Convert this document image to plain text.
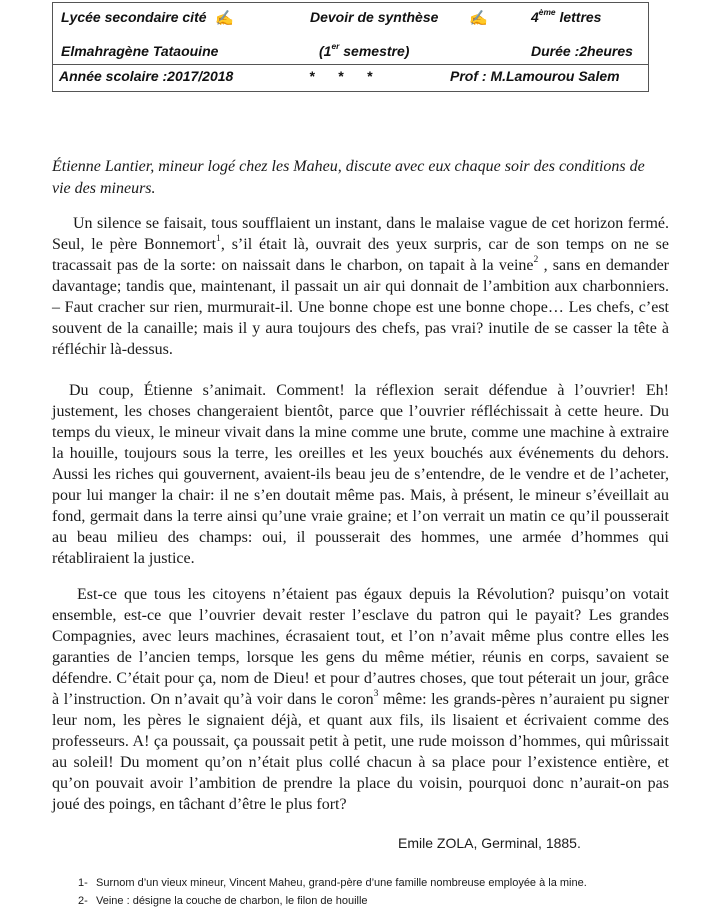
Lycée secondaire cité ✍	Devoir de synthèse ✍	4ème lettres
Elmahragène Tataouine	(1er semestre)	Durée :2heures
Année scolaire :2017/2018	*      *      *	Prof : M.Lamourou Salem

Étienne Lantier, mineur logé chez les Maheu, discute avec eux chaque soir des conditions de vie des mineurs.

Un silence se faisait, tous soufflaient un instant, dans le malaise vague de cet horizon fermé. Seul, le père Bonnemort$^1$, s’il était là, ouvrait des yeux surpris, car de son temps on ne se tracassait pas de la sorte: on naissait dans le charbon, on tapait à la veine$^2$ , sans en demander davantage; tandis que, maintenant, il passait un air qui donnait de l’ambition aux charbonniers. – Faut cracher sur rien, murmurait-il. Une bonne chope est une bonne chope… Les chefs, c’est souvent de la canaille; mais il y aura toujours des chefs, pas vrai? inutile de se casser la tête à réfléchir là-dessus.

Du coup, Étienne s’animait. Comment! la réflexion serait défendue à l’ouvrier! Eh! justement, les choses changeraient bientôt, parce que l’ouvrier réfléchissait à cette heure. Du temps du vieux, le mineur vivait dans la mine comme une brute, comme une machine à extraire la houille, toujours sous la terre, les oreilles et les yeux bouchés aux événements du dehors. Aussi les riches qui gouvernent, avaient-ils beau jeu de s’entendre, de le vendre et de l’acheter, pour lui manger la chair: il ne s’en doutait même pas. Mais, à présent, le mineur s’éveillait au fond, germait dans la terre ainsi qu’une vraie graine; et l’on verrait un matin ce qu’il pousserait au beau milieu des champs: oui, il pousserait des hommes, une armée d’hommes qui rétabliraient la justice.

Est-ce que tous les citoyens n’étaient pas égaux depuis la Révolution? puisqu’on votait ensemble, est-ce que l’ouvrier devait rester l’esclave du patron qui le payait? Les grandes Compagnies, avec leurs machines, écrasaient tout, et l’on n’avait même plus contre elles les garanties de l’ancien temps, lorsque les gens du même métier, réunis en corps, savaient se défendre. C’était pour ça, nom de Dieu! et pour d’autres choses, que tout péterait un jour, grâce à l’instruction. On n’avait qu’à voir dans le coron$^3$ même: les grands-pères n’auraient pu signer leur nom, les pères le signaient déjà, et quant aux fils, ils lisaient et écrivaient comme des professeurs. A! ça poussait, ça poussait petit à petit, une rude moisson d’hommes, qui mûrissait au soleil! Du moment qu’on n’était plus collé chacun à sa place pour l’existence entière, et qu’on pouvait avoir l’ambition de prendre la place du voisin, pourquoi donc n’aurait-on pas joué des poings, en tâchant d’être le plus fort?

Emile ZOLA, Germinal, 1885.

1- Surnom d’un vieux mineur, Vincent Maheu, grand-père d’une famille nombreuse employée à la mine.
2- Veine : désigne la couche de charbon, le filon de houille
